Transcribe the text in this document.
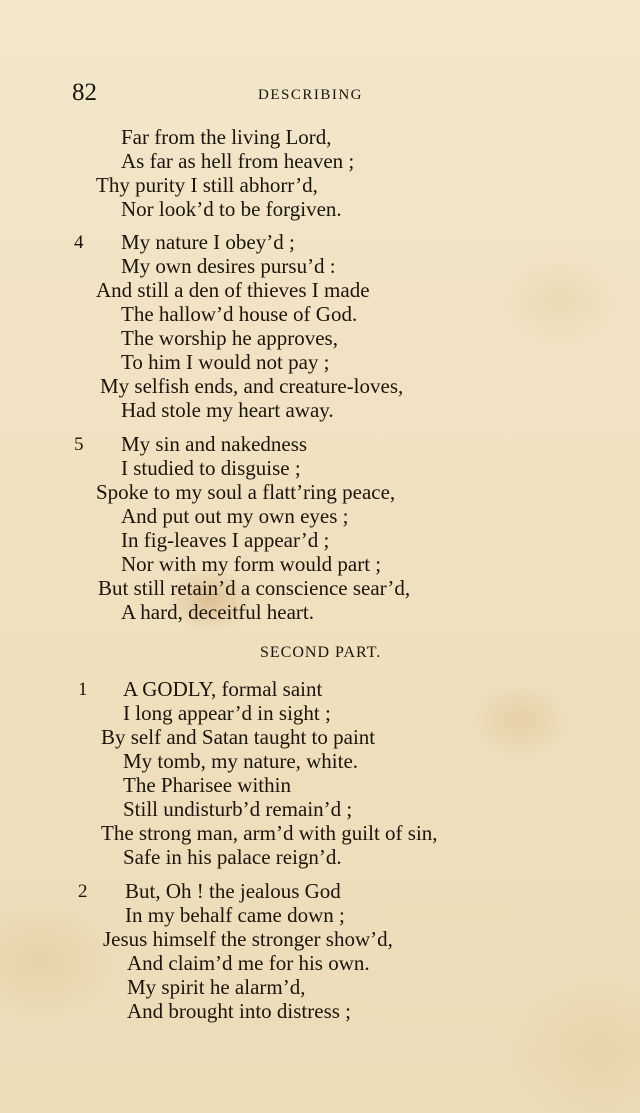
82	DESCRIBING
Far from the living Lord,
As far as hell from heaven ;
Thy purity I still abhorr’d,
Nor look’d to be forgiven.
4 My nature I obey’d ;
My own desires pursu’d :
And still a den of thieves I made
The hallow’d house of God.
The worship he approves,
To him I would not pay ;
My selfish ends, and creature-loves,
Had stole my heart away.
5 My sin and nakedness
I studied to disguise ;
Spoke to my soul a flatt’ring peace,
And put out my own eyes ;
In fig-leaves I appear’d ;
Nor with my form would part ;
But still retain’d a conscience sear’d,
A hard, deceitful heart.
SECOND PART.
1 A GODLY, formal saint
I long appear’d in sight ;
By self and Satan taught to paint
My tomb, my nature, white.
The Pharisee within
Still undisturb’d remain’d ;
The strong man, arm’d with guilt of sin,
Safe in his palace reign’d.
2 But, Oh ! the jealous God
In my behalf came down ;
Jesus himself the stronger show’d,
And claim’d me for his own.
My spirit he alarm’d,
And brought into distress ;
